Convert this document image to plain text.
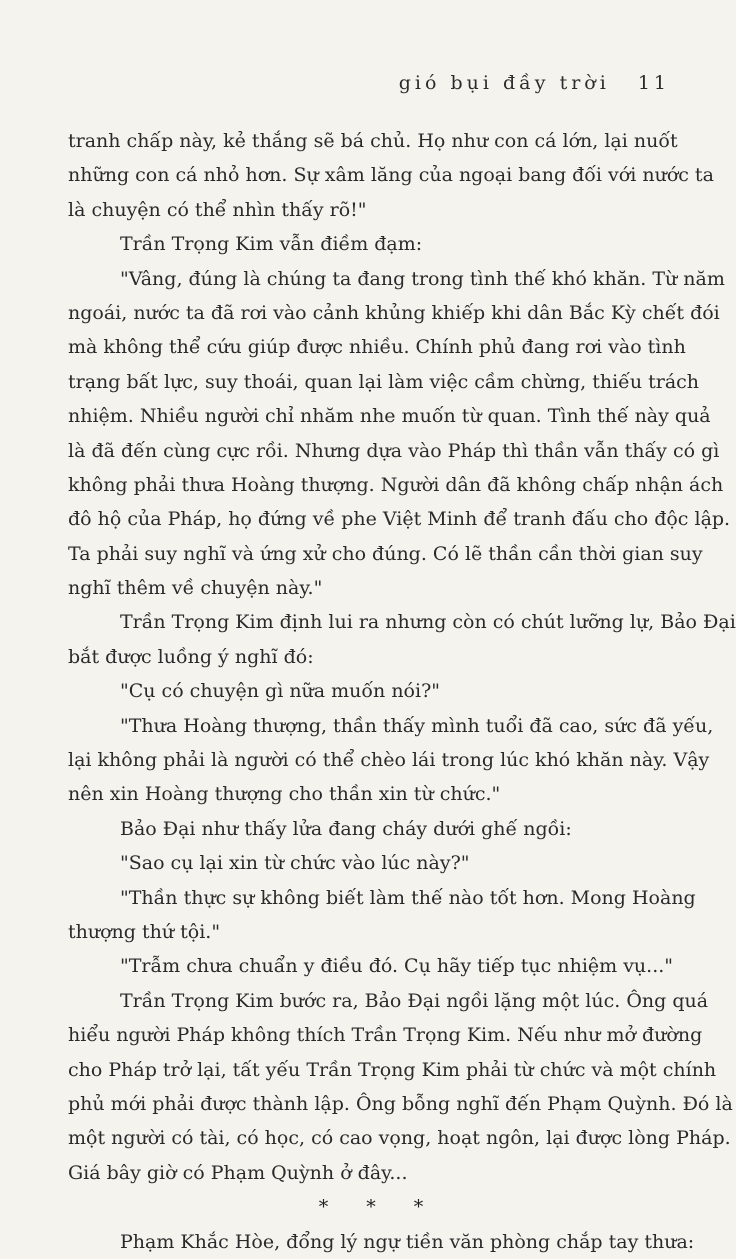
gió bụi đầy trời 11
tranh chấp này, kẻ thắng sẽ bá chủ. Họ như con cá lớn, lại nuốt
những con cá nhỏ hơn. Sự xâm lăng của ngoại bang đối với nước ta
là chuyện có thể nhìn thấy rõ!"
Trần Trọng Kim vẫn điềm đạm:
"Vâng, đúng là chúng ta đang trong tình thế khó khăn. Từ năm
ngoái, nước ta đã rơi vào cảnh khủng khiếp khi dân Bắc Kỳ chết đói
mà không thể cứu giúp được nhiều. Chính phủ đang rơi vào tình
trạng bất lực, suy thoái, quan lại làm việc cầm chừng, thiếu trách
nhiệm. Nhiều người chỉ nhăm nhe muốn từ quan. Tình thế này quả
là đã đến cùng cực rồi. Nhưng dựa vào Pháp thì thần vẫn thấy có gì
không phải thưa Hoàng thượng. Người dân đã không chấp nhận ách
đô hộ của Pháp, họ đứng về phe Việt Minh để tranh đấu cho độc lập.
Ta phải suy nghĩ và ứng xử cho đúng. Có lẽ thần cần thời gian suy
nghĩ thêm về chuyện này."
Trần Trọng Kim định lui ra nhưng còn có chút lưỡng lự, Bảo Đại
bắt được luồng ý nghĩ đó:
"Cụ có chuyện gì nữa muốn nói?"
"Thưa Hoàng thượng, thần thấy mình tuổi đã cao, sức đã yếu,
lại không phải là người có thể chèo lái trong lúc khó khăn này. Vậy
nên xin Hoàng thượng cho thần xin từ chức."
Bảo Đại như thấy lửa đang cháy dưới ghế ngồi:
"Sao cụ lại xin từ chức vào lúc này?"
"Thần thực sự không biết làm thế nào tốt hơn. Mong Hoàng
thượng thứ tội."
"Trẫm chưa chuẩn y điều đó. Cụ hãy tiếp tục nhiệm vụ..."
Trần Trọng Kim bước ra, Bảo Đại ngồi lặng một lúc. Ông quá
hiểu người Pháp không thích Trần Trọng Kim. Nếu như mở đường
cho Pháp trở lại, tất yếu Trần Trọng Kim phải từ chức và một chính
phủ mới phải được thành lập. Ông bỗng nghĩ đến Phạm Quỳnh. Đó là
một người có tài, có học, có cao vọng, hoạt ngôn, lại được lòng Pháp.
Giá bây giờ có Phạm Quỳnh ở đây...
* * *
Phạm Khắc Hòe, đổng lý ngự tiền văn phòng chắp tay thưa:
